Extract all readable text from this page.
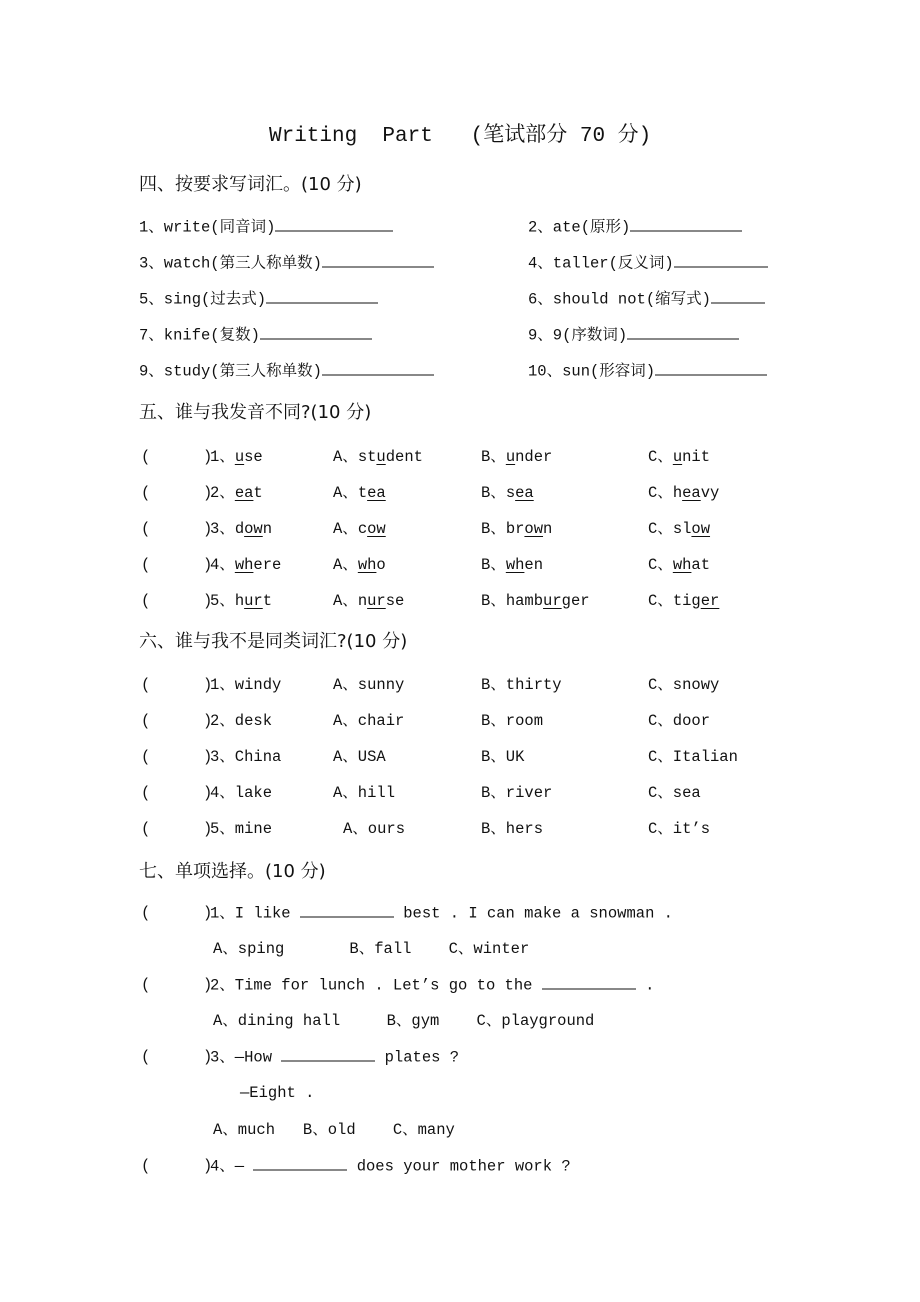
Writing  Part   (笔试部分 70 分)
四、按要求写词汇。(10 分)
五、谁与我发音不同?(10 分)
六、谁与我不是同类词汇?(10 分)
七、单项选择。(10 分)
1、write(同音词)	2、ate(原形)
3、watch(第三人称单数)	4、taller(反义词)
5、sing(过去式)	6、should not(缩写式)
7、knife(复数)	9、9(序数词)
9、study(第三人称单数)	10、sun(形容词)
(	)
1、use	A、student	B、under	C、unit
(	)
2、eat	A、tea	B、sea	C、heavy
(	)
3、down	A、cow	B、brown	C、slow
(	)
4、where	A、who	B、when	C、what
(	)
5、hurt	A、nurse	B、hamburger	C、tiger
(	)
1、windy	A、sunny	B、thirty	C、snowy
(	)
2、desk	A、chair	B、room	C、door
(	)
3、China	A、USA	B、UK	C、Italian
(	)
4、lake	A、hill	B、river	C、sea
(	)
5、mine	A、ours	B、hers	C、it’s
(	)
1、I like	best . I can make a snowman .
A、sping       B、fall    C、winter
(	)
2、Time for lunch . Let’s go to the	.
A、dining hall     B、gym    C、playground
(	)
3、—How	plates ?
—Eight .
A、much   B、old    C、many
(	)
4、—	does your mother work ?
